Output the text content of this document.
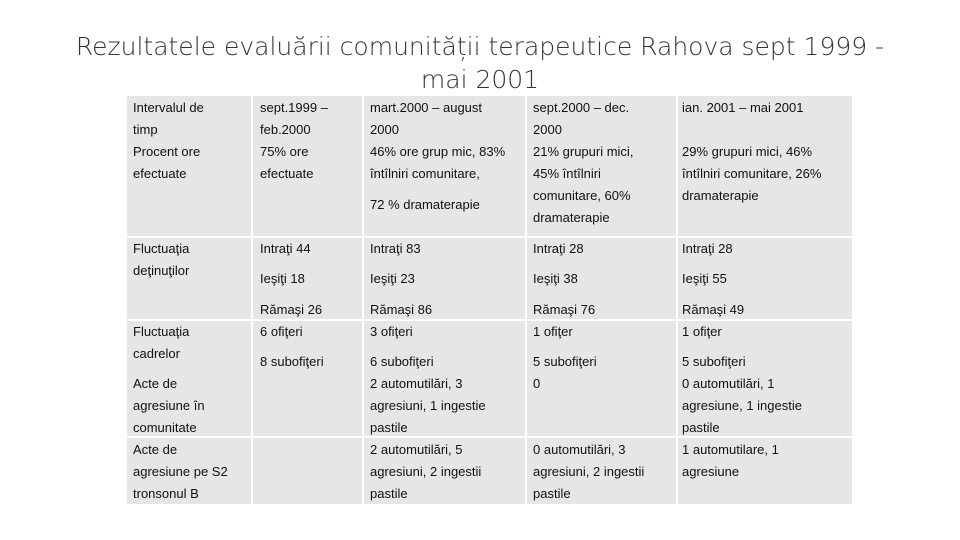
Rezultatele evaluării comunității terapeutice Rahova sept 1999 - mai 2001
Intervalul de
timp
Procent ore
efectuate
Fluctuaţia
deţinuţilor
Fluctuaţia
cadrelor
Acte de
agresiune în
comunitate
Acte de
agresiune pe S2
tronsonul B
sept.1999 –
feb.2000
75% ore
efectuate
Intraţi 44
Ieşiţi 18
Rămaşi 26
6 ofiţeri
8 subofiţeri
mart.2000 – august
2000
46% ore grup mic, 83%
întîlniri comunitare,
72 % dramaterapie
Intraţi 83
Ieşiţi 23
Rămaşi 86
3 ofiţeri
6 subofiţeri
2 automutilări, 3
agresiuni, 1 ingestie
pastile
2 automutilări, 5
agresiuni, 2 ingestii
pastile
sept.2000 – dec.
2000
21% grupuri mici,
45% întîlniri
comunitare, 60%
dramaterapie
Intraţi 28
Ieşiţi 38
Rămaşi 76
1 ofiţer
5 subofiţeri
0
0 automutilări, 3
agresiuni, 2 ingestii
pastile
ian. 2001 – mai 2001
29% grupuri mici, 46%
întîlniri comunitare, 26%
dramaterapie
Intraţi 28
Ieşiţi 55
Rămaşi 49
1 ofiţer
5 subofiţeri
0 automutilări, 1
agresiune, 1 ingestie
pastile
1 automutilare, 1
agresiune
